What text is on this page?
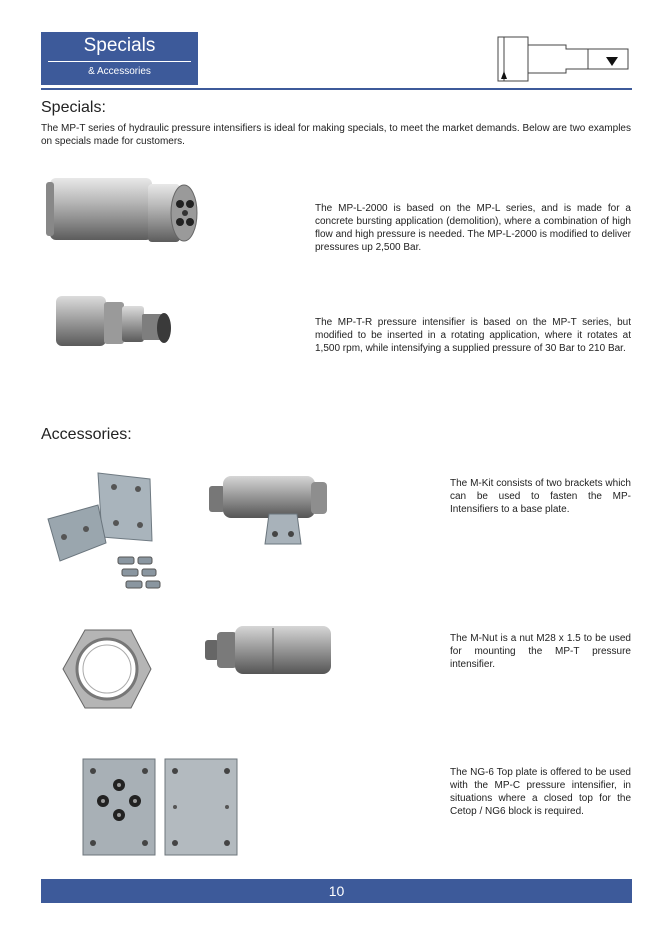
Specials
& Accessories
Specials:
The MP-T series of hydraulic pressure intensifiers is ideal for making specials, to meet the market demands. Below are two examples on specials made for customers.
The MP-L-2000 is based on the MP-L series, and is made for a concrete bursting application (demolition), where a combination of high flow and high pressure is needed. The MP-L-2000 is modified to deliver pressures up 2,500 Bar.
The MP-T-R pressure intensifier is based on the MP-T series, but modified to be inserted in a rotating application, where it rotates at 1,500 rpm, while intensifying a supplied pressure of 30 Bar to 210 Bar.
Accessories:
The M-Kit consists of two brackets which can be used to fasten the MP-Intensifiers to a base plate.
The M-Nut is a nut M28 x 1.5 to be used for mounting the MP-T pressure intensifier.
The NG-6 Top plate is offered to be used with the MP-C pressure intensifier, in situations where a closed top for the Cetop / NG6 block is required.
10
